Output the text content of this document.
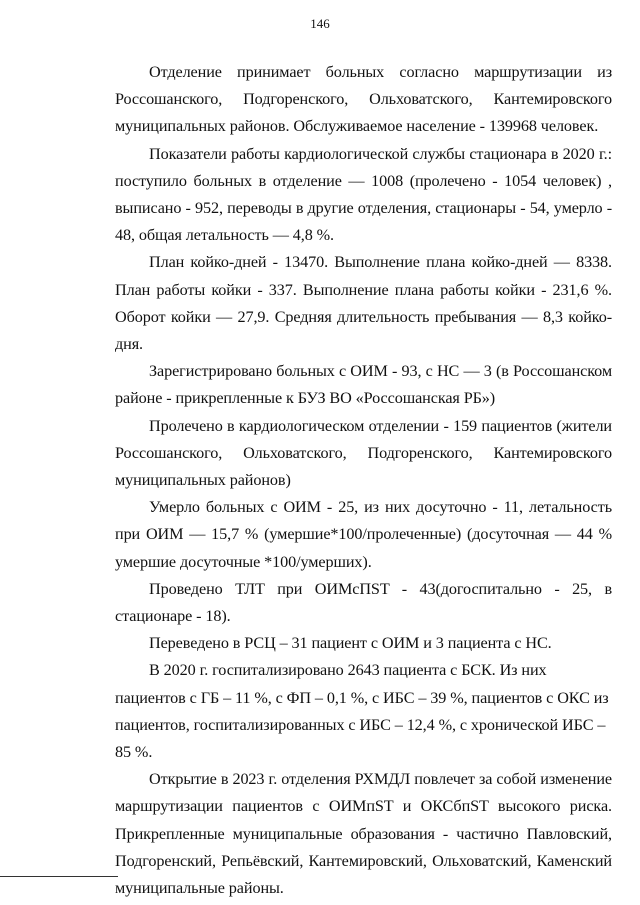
146

Отделение принимает больных согласно маршрутизации из Россошанского, Подгоренского, Ольховатского, Кантемировского муниципальных районов. Обслуживаемое население - 139968 человек.

Показатели работы кардиологической службы стационара в 2020 г.: поступило больных в отделение — 1008 (пролечено - 1054 человек) , выписано - 952, переводы в другие отделения, стационары - 54, умерло - 48, общая летальность — 4,8 %.

План койко-дней - 13470. Выполнение плана койко-дней — 8338. План работы койки - 337. Выполнение плана работы койки - 231,6 %. Оборот койки — 27,9. Средняя длительность пребывания — 8,3 койко-дня.

Зарегистрировано больных с ОИМ - 93, с НС — 3 (в Россошанском районе - прикрепленные к БУЗ ВО «Россошанская РБ»)

Пролечено в кардиологическом отделении - 159 пациентов (жители Россошанского, Ольховатского, Подгоренского, Кантемировского муниципальных районов)

Умерло больных с ОИМ - 25, из них досуточно - 11, летальность при ОИМ — 15,7 % (умершие*100/пролеченные) (досуточная — 44 % умершие досуточные *100/умерших).

Проведено ТЛТ при ОИМсПST - 43(догоспитально - 25, в стационаре - 18).

Переведено в РСЦ – 31 пациент с ОИМ и 3 пациента с НС.

В 2020 г. госпитализировано 2643 пациента с БСК. Из них пациентов с ГБ – 11 %, с ФП – 0,1 %, с ИБС – 39 %, пациентов с ОКС из пациентов, госпитализированных с ИБС – 12,4 %, с хронической ИБС – 85 %.

Открытие в 2023 г. отделения РХМДЛ повлечет за собой изменение маршрутизации пациентов с ОИМпST и ОКСбпST высокого риска. Прикрепленные муниципальные образования - частично Павловский, Подгоренский, Репьёвский, Кантемировский, Ольховатский, Каменский муниципальные районы.
